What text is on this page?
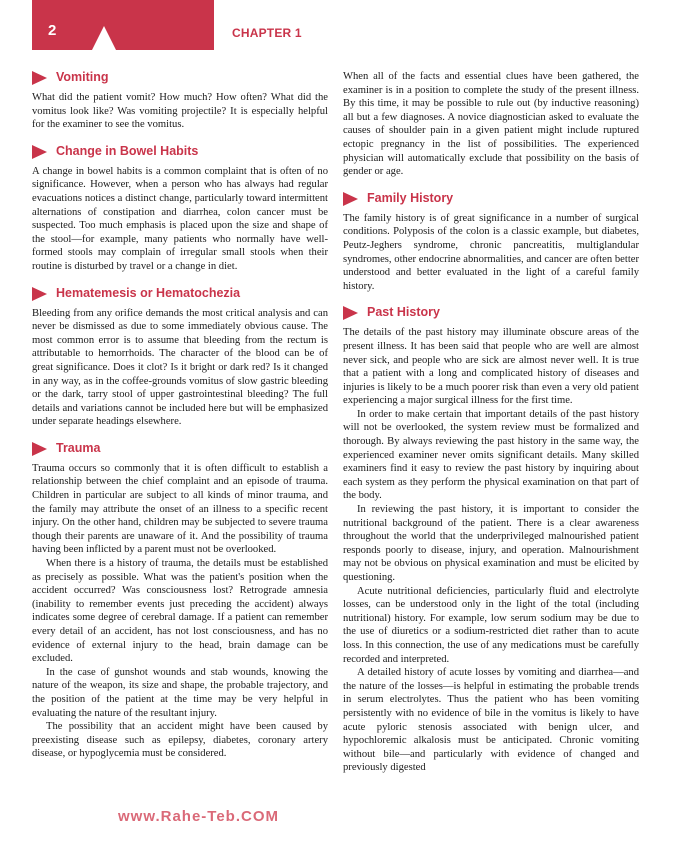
2	CHAPTER 1
Vomiting

What did the patient vomit? How much? How often? What did the vomitus look like? Was vomiting projectile? It is especially helpful for the examiner to see the vomitus.

Change in Bowel Habits

A change in bowel habits is a common complaint that is often of no significance. However, when a person who has always had regular evacuations notices a distinct change, particularly toward intermittent alternations of constipation and diarrhea, colon cancer must be suspected. Too much emphasis is placed upon the size and shape of the stool—for example, many patients who normally have well-formed stools may complain of irregular small stools when their routine is disturbed by travel or a change in diet.

Hematemesis or Hematochezia

Bleeding from any orifice demands the most critical analysis and can never be dismissed as due to some immediately obvious cause. The most common error is to assume that bleeding from the rectum is attributable to hemorrhoids. The character of the blood can be of great significance. Does it clot? Is it bright or dark red? Is it changed in any way, as in the coffee-grounds vomitus of slow gastric bleeding or the dark, tarry stool of upper gastrointestinal bleeding? The full details and variations cannot be included here but will be emphasized under separate headings elsewhere.

Trauma

Trauma occurs so commonly that it is often difficult to establish a relationship between the chief complaint and an episode of trauma. Children in particular are subject to all kinds of minor trauma, and the family may attribute the onset of an illness to a specific recent injury. On the other hand, children may be subjected to severe trauma though their parents are unaware of it. And the possibility of trauma having been inflicted by a parent must not be overlooked.

When there is a history of trauma, the details must be established as precisely as possible. What was the patient's position when the accident occurred? Was consciousness lost? Retrograde amnesia (inability to remember events just preceding the accident) always indicates some degree of cerebral damage. If a patient can remember every detail of an accident, has not lost consciousness, and has no evidence of external injury to the head, brain damage can be excluded.

In the case of gunshot wounds and stab wounds, knowing the nature of the weapon, its size and shape, the probable trajectory, and the position of the patient at the time may be very helpful in evaluating the nature of the resultant injury.

The possibility that an accident might have been caused by preexisting disease such as epilepsy, diabetes, coronary artery disease, or hypoglycemia must be considered.

When all of the facts and essential clues have been gathered, the examiner is in a position to complete the study of the present illness. By this time, it may be possible to rule out (by inductive reasoning) all but a few diagnoses. A novice diagnostician asked to evaluate the causes of shoulder pain in a given patient might include ruptured ectopic pregnancy in the list of possibilities. The experienced physician will automatically exclude that possibility on the basis of gender or age.

Family History

The family history is of great significance in a number of surgical conditions. Polyposis of the colon is a classic example, but diabetes, Peutz-Jeghers syndrome, chronic pancreatitis, multiglandular syndromes, other endocrine abnormalities, and cancer are often better understood and better evaluated in the light of a careful family history.

Past History

The details of the past history may illuminate obscure areas of the present illness. It has been said that people who are well are almost never sick, and people who are sick are almost never well. It is true that a patient with a long and complicated history of diseases and injuries is likely to be a much poorer risk than even a very old patient experiencing a major surgical illness for the first time.

In order to make certain that important details of the past history will not be overlooked, the system review must be formalized and thorough. By always reviewing the past history in the same way, the experienced examiner never omits significant details. Many skilled examiners find it easy to review the past history by inquiring about each system as they perform the physical examination on that part of the body.

In reviewing the past history, it is important to consider the nutritional background of the patient. There is a clear awareness throughout the world that the underprivileged malnourished patient responds poorly to disease, injury, and operation. Malnourishment may not be obvious on physical examination and must be elicited by questioning.

Acute nutritional deficiencies, particularly fluid and electrolyte losses, can be understood only in the light of the total (including nutritional) history. For example, low serum sodium may be due to the use of diuretics or a sodium-restricted diet rather than to acute loss. In this connection, the use of any medications must be carefully recorded and interpreted.

A detailed history of acute losses by vomiting and diarrhea—and the nature of the losses—is helpful in estimating the probable trends in serum electrolytes. Thus the patient who has been vomiting persistently with no evidence of bile in the vomitus is likely to have acute pyloric stenosis associated with benign ulcer, and hypochloremic alkalosis must be anticipated. Chronic vomiting without bile—and particularly with evidence of changed and previously digested

www.Rahe-Teb.COM
